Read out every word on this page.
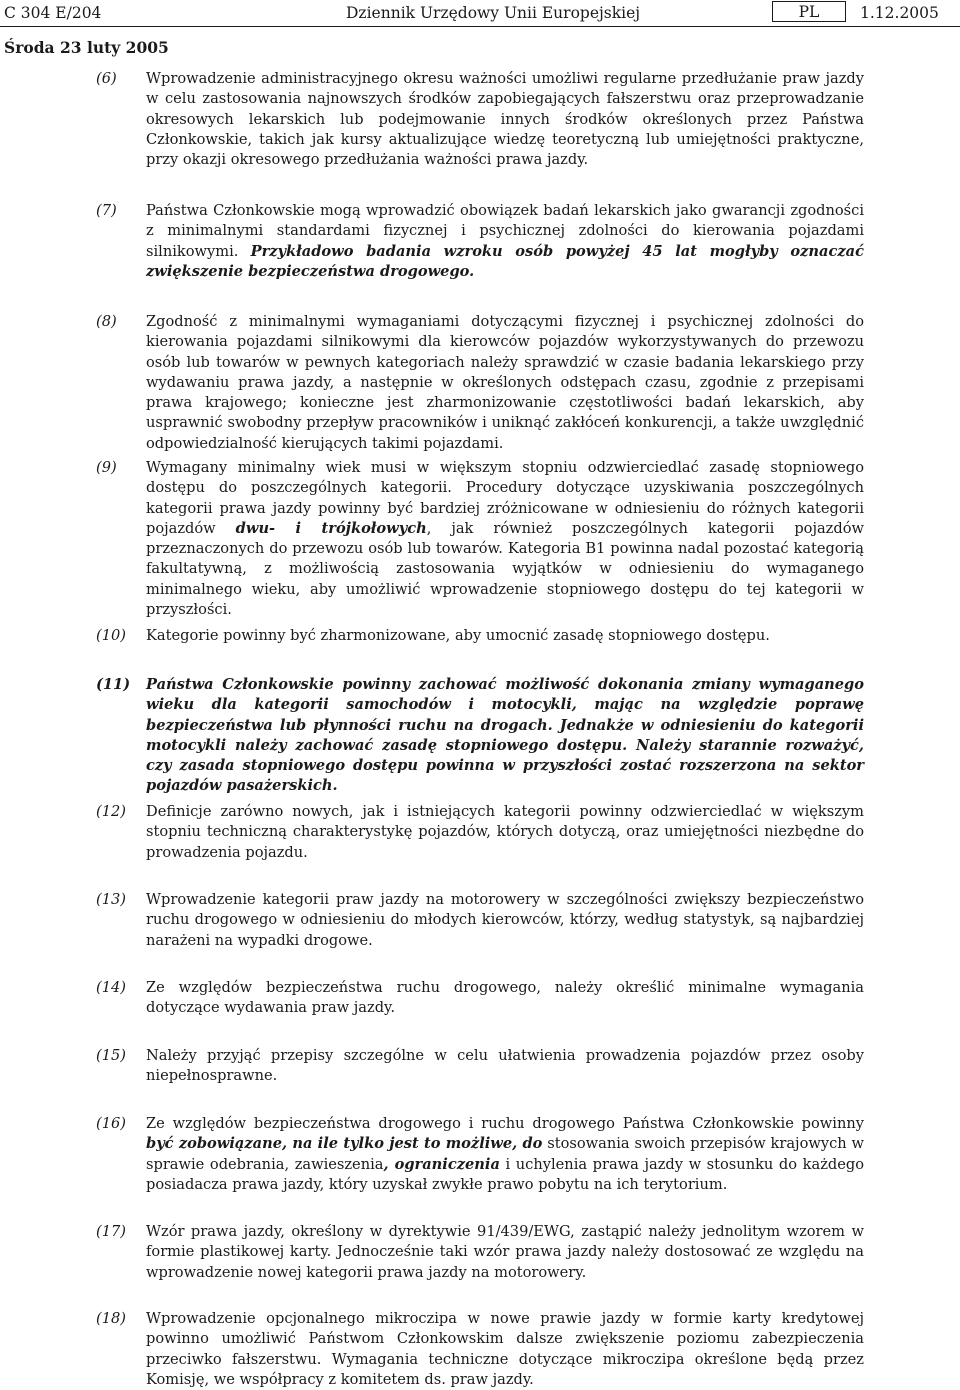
C 304 E/204	Dziennik Urzędowy Unii Europejskiej	PL	1.12.2005
Środa 23 luty 2005
(6) Wprowadzenie administracyjnego okresu ważności umożliwi regularne przedłużanie praw jazdy w celu zastosowania najnowszych środków zapobiegających fałszerstwu oraz przeprowadzanie okresowych lekarskich lub podejmowanie innych środków określonych przez Państwa Członkowskie, takich jak kursy aktualizujące wiedzę teoretyczną lub umiejętności praktyczne, przy okazji okresowego przedłużania ważności prawa jazdy.
(7) Państwa Członkowskie mogą wprowadzić obowiązek badań lekarskich jako gwarancji zgodności z minimalnymi standardami fizycznej i psychicznej zdolności do kierowania pojazdami silnikowymi. Przykładowo badania wzroku osób powyżej 45 lat mogłyby oznaczać zwiększenie bezpieczeństwa drogowego.
(8) Zgodność z minimalnymi wymaganiami dotyczącymi fizycznej i psychicznej zdolności do kierowania pojazdami silnikowymi dla kierowców pojazdów wykorzystywanych do przewozu osób lub towarów w pewnych kategoriach należy sprawdzić w czasie badania lekarskiego przy wydawaniu prawa jazdy, a następnie w określonych odstępach czasu, zgodnie z przepisami prawa krajowego; konieczne jest zharmonizowanie częstotliwości badań lekarskich, aby usprawnić swobodny przepływ pracowników i uniknąć zakłóceń konkurencji, a także uwzględnić odpowiedzialność kierujących takimi pojazdami.
(9) Wymagany minimalny wiek musi w większym stopniu odzwierciedlać zasadę stopniowego dostępu do poszczególnych kategorii. Procedury dotyczące uzyskiwania poszczególnych kategorii prawa jazdy powinny być bardziej zróżnicowane w odniesieniu do różnych kategorii pojazdów dwu- i trójkołowych, jak również poszczególnych kategorii pojazdów przeznaczonych do przewozu osób lub towarów. Kategoria B1 powinna nadal pozostać kategorią fakultatywną, z możliwością zastosowania wyjątków w odniesieniu do wymaganego minimalnego wieku, aby umożliwić wprowadzenie stopniowego dostępu do tej kategorii w przyszłości.
(10) Kategorie powinny być zharmonizowane, aby umocnić zasadę stopniowego dostępu.
(11) Państwa Członkowskie powinny zachować możliwość dokonania zmiany wymaganego wieku dla kategorii samochodów i motocykli, mając na względzie poprawę bezpieczeństwa lub płynności ruchu na drogach. Jednakże w odniesieniu do kategorii motocykli należy zachować zasadę stopniowego dostępu. Należy starannie rozważyć, czy zasada stopniowego dostępu powinna w przyszłości zostać rozszerzona na sektor pojazdów pasażerskich.
(12) Definicje zarówno nowych, jak i istniejących kategorii powinny odzwierciedlać w większym stopniu techniczną charakterystykę pojazdów, których dotyczą, oraz umiejętności niezbędne do prowadzenia pojazdu.
(13) Wprowadzenie kategorii praw jazdy na motorowery w szczególności zwiększy bezpieczeństwo ruchu drogowego w odniesieniu do młodych kierowców, którzy, według statystyk, są najbardziej narażeni na wypadki drogowe.
(14) Ze względów bezpieczeństwa ruchu drogowego, należy określić minimalne wymagania dotyczące wydawania praw jazdy.
(15) Należy przyjąć przepisy szczególne w celu ułatwienia prowadzenia pojazdów przez osoby niepełnosprawne.
(16) Ze względów bezpieczeństwa drogowego i ruchu drogowego Państwa Członkowskie powinny być zobowiązane, na ile tylko jest to możliwe, do stosowania swoich przepisów krajowych w sprawie odebrania, zawieszenia, ograniczenia i uchylenia prawa jazdy w stosunku do każdego posiadacza prawa jazdy, który uzyskał zwykłe prawo pobytu na ich terytorium.
(17) Wzór prawa jazdy, określony w dyrektywie 91/439/EWG, zastąpić należy jednolitym wzorem w formie plastikowej karty. Jednocześnie taki wzór prawa jazdy należy dostosować ze względu na wprowadzenie nowej kategorii prawa jazdy na motorowery.
(18) Wprowadzenie opcjonalnego mikroczipa w nowe prawie jazdy w formie karty kredytowej powinno umożliwić Państwom Członkowskim dalsze zwiększenie poziomu zabezpieczenia przeciwko fałszerstwu. Wymagania techniczne dotyczące mikroczipa określone będą przez Komisję, we współpracy z komitetem ds. praw jazdy.
